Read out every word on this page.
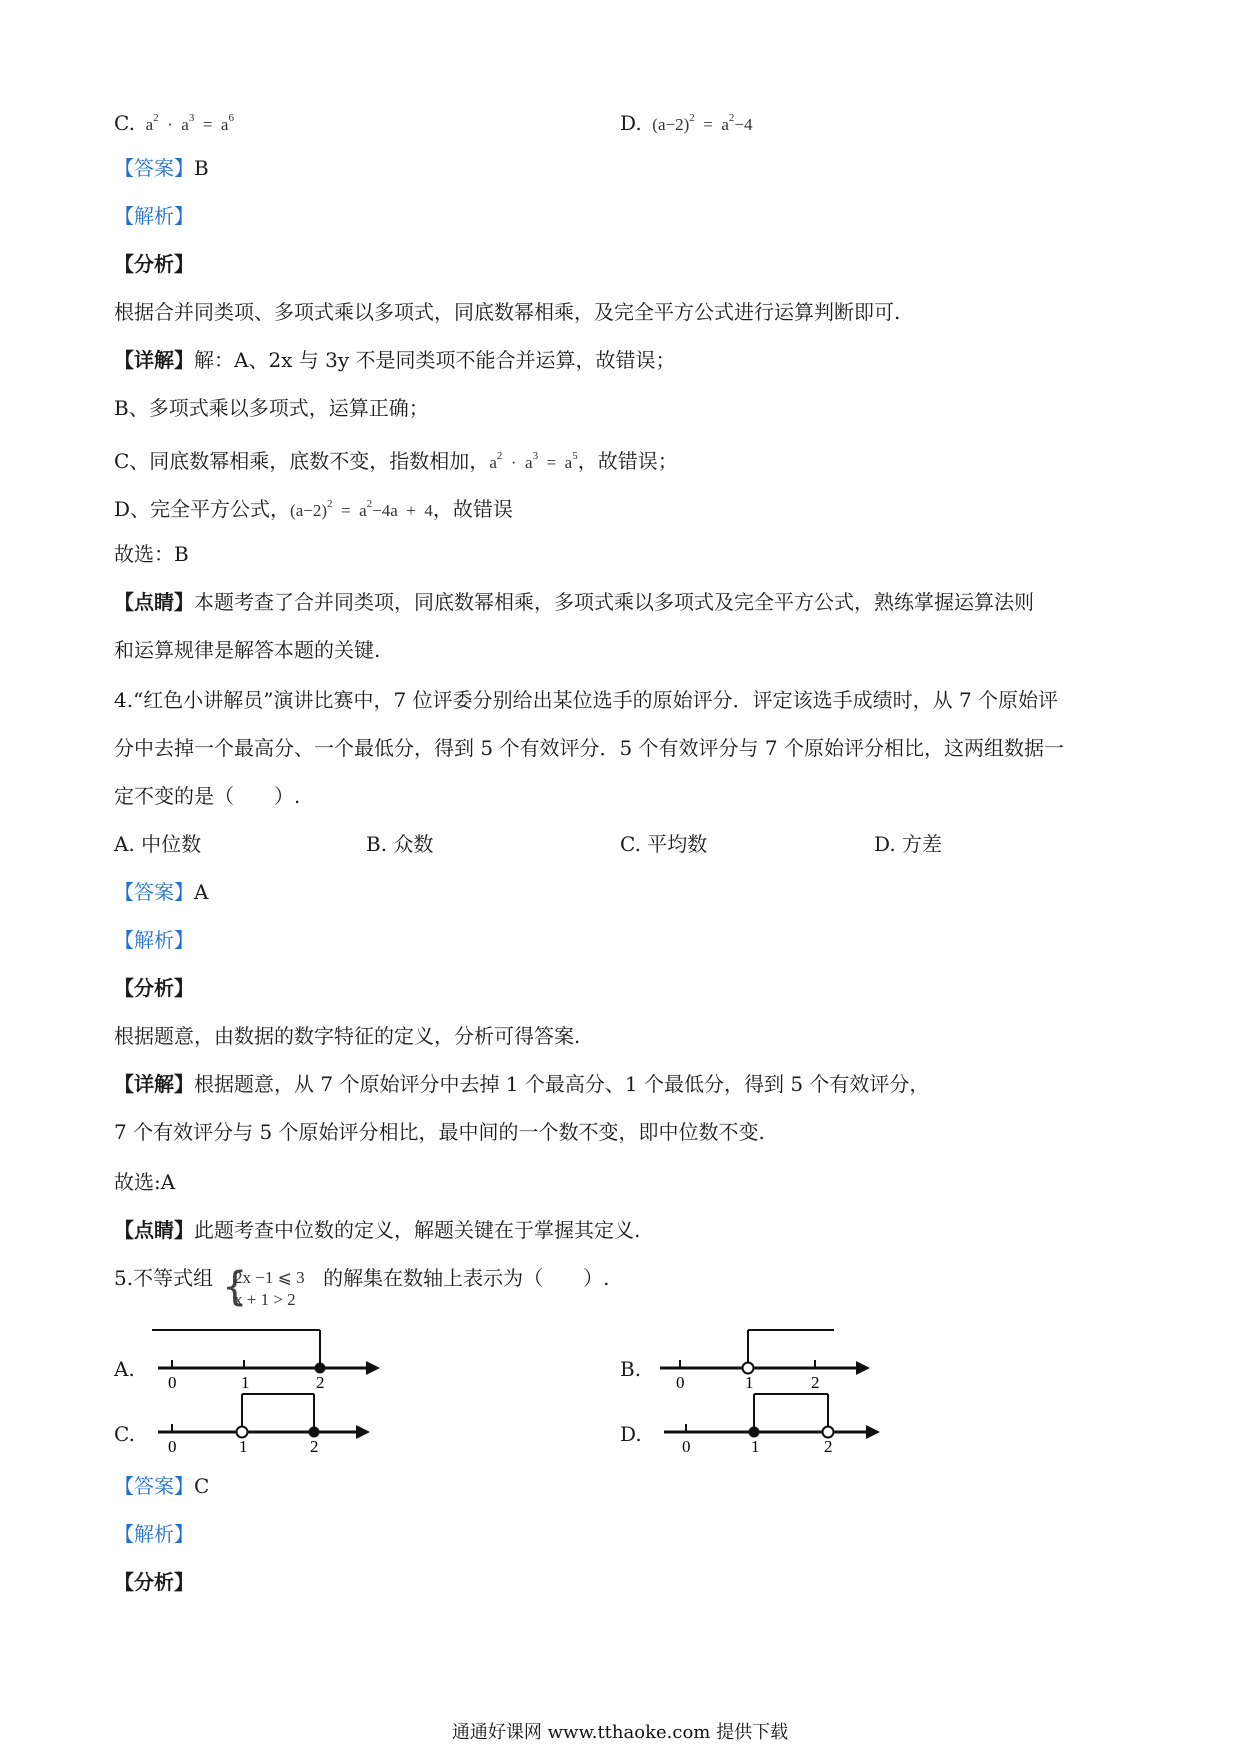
C.  $a^2 \cdot a^3 = a^6$	D.  $(a-2)^2 = a^2-4$
【答案】B
【解析】
【分析】
根据合并同类项、多项式乘以多项式，同底数幂相乘，及完全平方公式进行运算判断即可.
【详解】解：A、2x 与 3y 不是同类项不能合并运算，故错误；
B、多项式乘以多项式，运算正确；
C、同底数幂相乘，底数不变，指数相加，$a^2 \cdot a^3 = a^5$，故错误；
D、完全平方公式，$(a-2)^2 = a^2-4a + 4$，故错误
故选：B
【点睛】本题考查了合并同类项，同底数幂相乘，多项式乘以多项式及完全平方公式，熟练掌握运算法则
和运算规律是解答本题的关键.
4.“红色小讲解员”演讲比赛中，7 位评委分别给出某位选手的原始评分．评定该选手成绩时，从 7 个原始评
分中去掉一个最高分、一个最低分，得到 5 个有效评分．5 个有效评分与 7 个原始评分相比，这两组数据一
定不变的是（　　）.
A. 中位数	B. 众数	C. 平均数	D. 方差
【答案】A
【解析】
【分析】
根据题意，由数据的数字特征的定义，分析可得答案.
【详解】根据题意，从 7 个原始评分中去掉 1 个最高分、1 个最低分，得到 5 个有效评分，
7 个有效评分与 5 个原始评分相比，最中间的一个数不变，即中位数不变.
故选:A
【点睛】此题考查中位数的定义，解题关键在于掌握其定义.
5.不等式组	的解集在数轴上表示为（　　）.
{
2x −1 ⩽ 3
x + 1 > 2
A.
0	1	2
B.
0	1	2
C.
0	1	2
D.
0	1	2
【答案】C
【解析】
【分析】
通通好课网 www.tthaoke.com 提供下载
